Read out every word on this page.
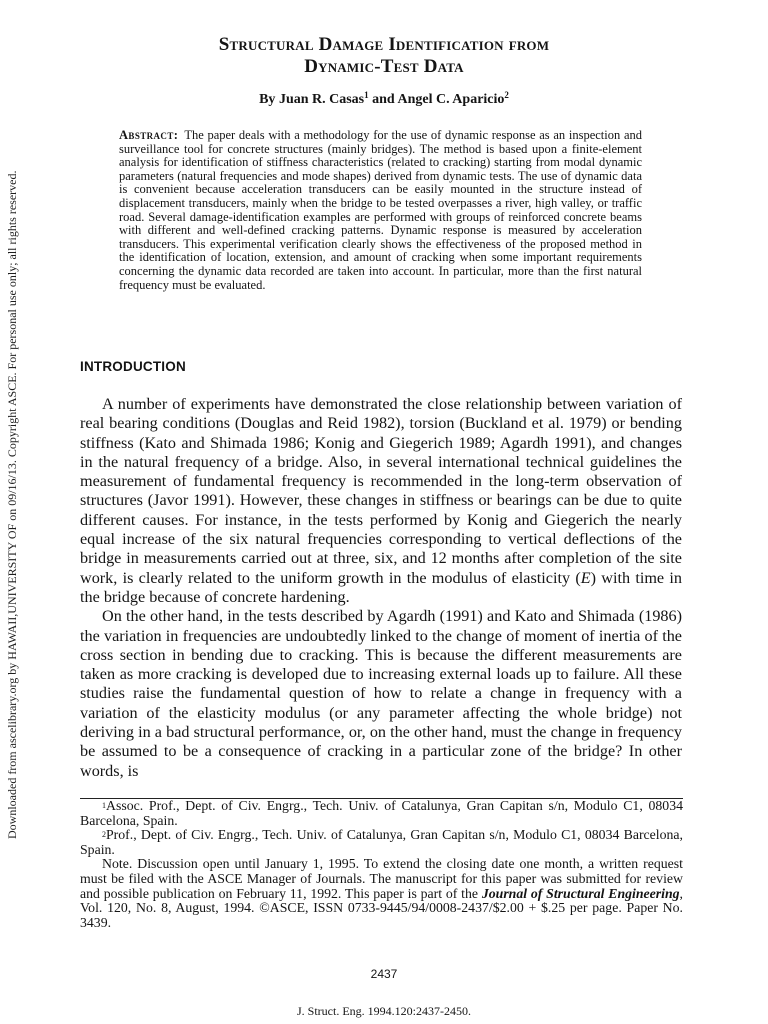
Downloaded from ascelibrary.org by HAWAII,UNIVERSITY OF on 09/16/13. Copyright ASCE. For personal use only; all rights reserved.
Structural Damage Identification from
Dynamic-Test Data
By Juan R. Casas$^1$ and Angel C. Aparicio$^2$

Abstract: The paper deals with a methodology for the use of dynamic response as an inspection and surveillance tool for concrete structures (mainly bridges). The method is based upon a finite-element analysis for identification of stiffness characteristics (related to cracking) starting from modal dynamic parameters (natural frequencies and mode shapes) derived from dynamic tests. The use of dynamic data is convenient because acceleration transducers can be easily mounted in the structure instead of displacement transducers, mainly when the bridge to be tested overpasses a river, high valley, or traffic road. Several damage-identification examples are performed with groups of reinforced concrete beams with different and well-defined cracking patterns. Dynamic response is measured by acceleration transducers. This experimental verification clearly shows the effectiveness of the proposed method in the identification of location, extension, and amount of cracking when some important requirements concerning the dynamic data recorded are taken into account. In particular, more than the first natural frequency must be evaluated.

INTRODUCTION

A number of experiments have demonstrated the close relationship between variation of real bearing conditions (Douglas and Reid 1982), torsion (Buckland et al. 1979) or bending stiffness (Kato and Shimada 1986; Konig and Giegerich 1989; Agardh 1991), and changes in the natural frequency of a bridge. Also, in several international technical guidelines the measurement of fundamental frequency is recommended in the long-term observation of structures (Javor 1991). However, these changes in stiffness or bearings can be due to quite different causes. For instance, in the tests performed by Konig and Giegerich the nearly equal increase of the six natural frequencies corresponding to vertical deflections of the bridge in measurements carried out at three, six, and 12 months after completion of the site work, is clearly related to the uniform growth in the modulus of elasticity (E) with time in the bridge because of concrete hardening.

On the other hand, in the tests described by Agardh (1991) and Kato and Shimada (1986) the variation in frequencies are undoubtedly linked to the change of moment of inertia of the cross section in bending due to cracking. This is because the different measurements are taken as more cracking is developed due to increasing external loads up to failure. All these studies raise the fundamental question of how to relate a change in frequency with a variation of the elasticity modulus (or any parameter affecting the whole bridge) not deriving in a bad structural performance, or, on the other hand, must the change in frequency be assumed to be a consequence of cracking in a particular zone of the bridge? In other words, is

$^1$Assoc. Prof., Dept. of Civ. Engrg., Tech. Univ. of Catalunya, Gran Capitan s/n, Modulo C1, 08034 Barcelona, Spain.

$^2$Prof., Dept. of Civ. Engrg., Tech. Univ. of Catalunya, Gran Capitan s/n, Modulo C1, 08034 Barcelona, Spain.

Note. Discussion open until January 1, 1995. To extend the closing date one month, a written request must be filed with the ASCE Manager of Journals. The manuscript for this paper was submitted for review and possible publication on February 11, 1992. This paper is part of the Journal of Structural Engineering, Vol. 120, No. 8, August, 1994. ©ASCE, ISSN 0733-9445/94/0008-2437/$2.00 + $.25 per page. Paper No. 3439.

2437
J. Struct. Eng. 1994.120:2437-2450.
